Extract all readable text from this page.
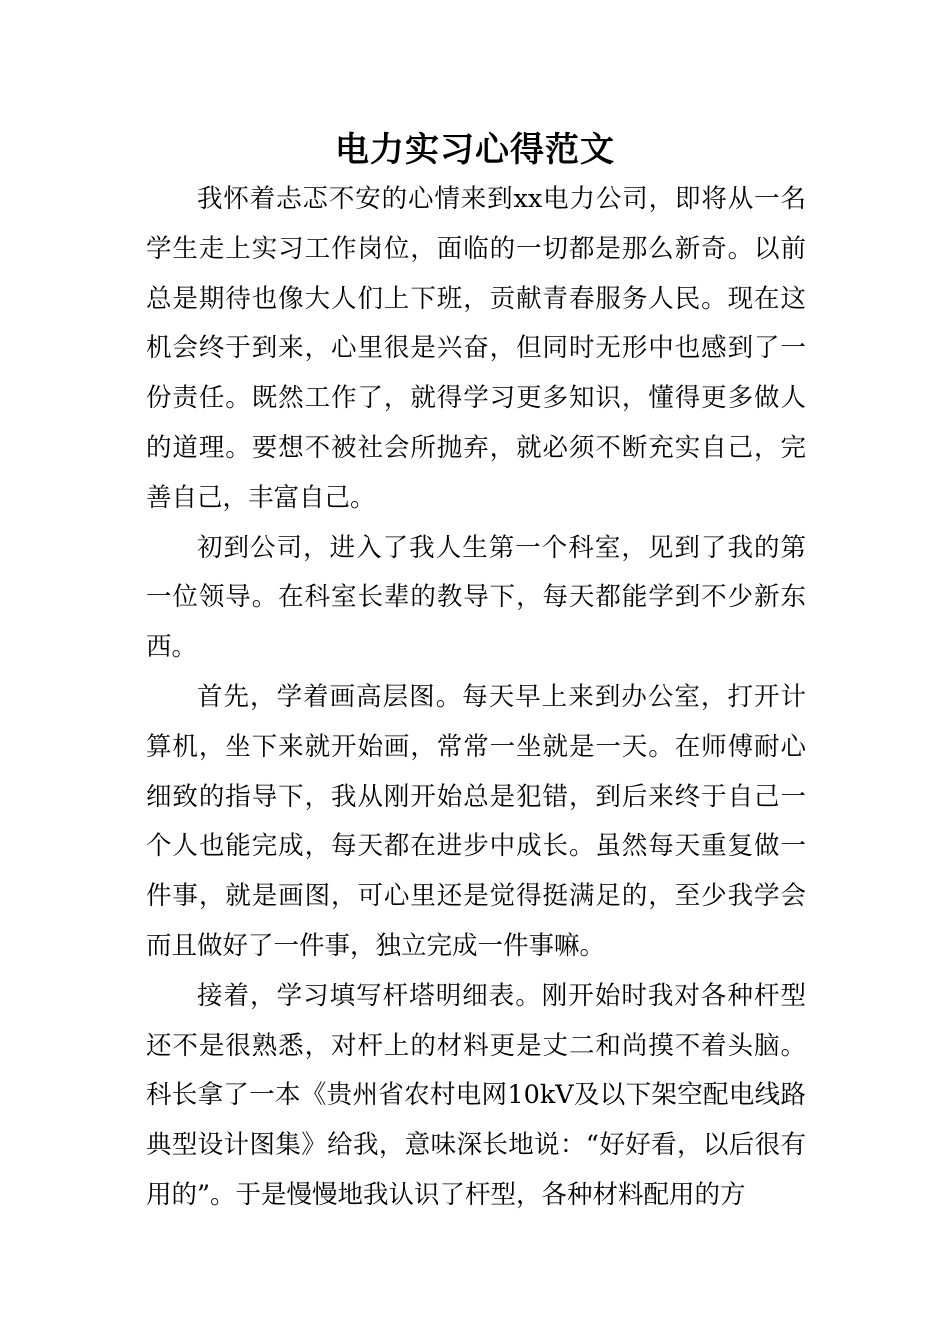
电力实习心得范文

我怀着忐忑不安的心情来到xx电力公司，即将从一名学生走上实习工作岗位，面临的一切都是那么新奇。以前总是期待也像大人们上下班，贡献青春服务人民。现在这机会终于到来，心里很是兴奋，但同时无形中也感到了一份责任。既然工作了，就得学习更多知识，懂得更多做人的道理。要想不被社会所抛弃，就必须不断充实自己，完善自己，丰富自己。

初到公司，进入了我人生第一个科室，见到了我的第一位领导。在科室长辈的教导下，每天都能学到不少新东西。

首先，学着画高层图。每天早上来到办公室，打开计算机，坐下来就开始画，常常一坐就是一天。在师傅耐心细致的指导下，我从刚开始总是犯错，到后来终于自己一个人也能完成，每天都在进步中成长。虽然每天重复做一件事，就是画图，可心里还是觉得挺满足的，至少我学会而且做好了一件事，独立完成一件事嘛。

接着，学习填写杆塔明细表。刚开始时我对各种杆型还不是很熟悉，对杆上的材料更是丈二和尚摸不着头脑。科长拿了一本《贵州省农村电网10kV及以下架空配电线路典型设计图集》给我，意味深长地说：“好好看，以后很有用的”。于是慢慢地我认识了杆型，各种材料配用的方
